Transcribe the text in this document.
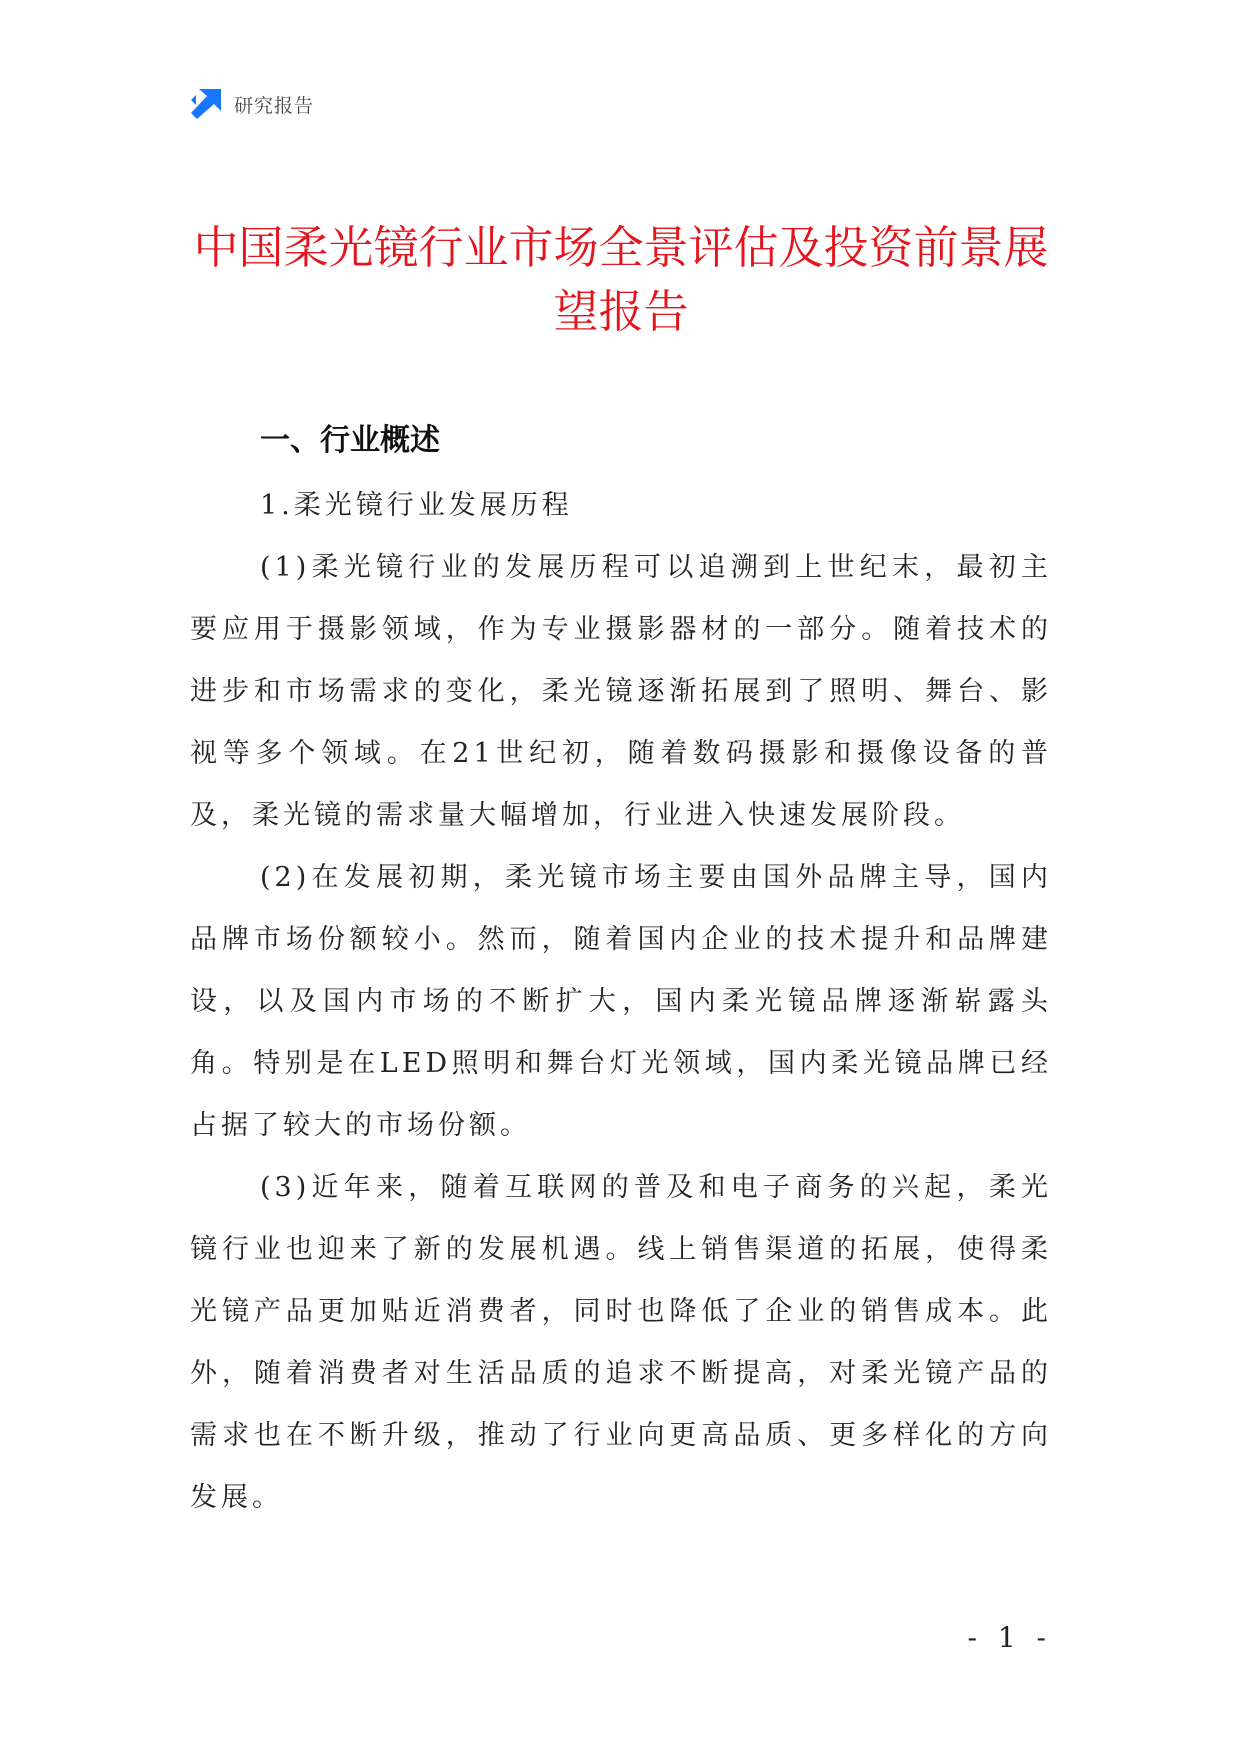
研究报告
中国柔光镜行业市场全景评估及投资前景展望报告
一、行业概述
1.柔光镜行业发展历程

(1)柔光镜行业的发展历程可以追溯到上世纪末，最初主要应用于摄影领域，作为专业摄影器材的一部分。随着技术的进步和市场需求的变化，柔光镜逐渐拓展到了照明、舞台、影视等多个领域。在21世纪初，随着数码摄影和摄像设备的普及，柔光镜的需求量大幅增加，行业进入快速发展阶段。

(2)在发展初期，柔光镜市场主要由国外品牌主导，国内品牌市场份额较小。然而，随着国内企业的技术提升和品牌建设，以及国内市场的不断扩大，国内柔光镜品牌逐渐崭露头角。特别是在LED照明和舞台灯光领域，国内柔光镜品牌已经占据了较大的市场份额。

(3)近年来，随着互联网的普及和电子商务的兴起，柔光镜行业也迎来了新的发展机遇。线上销售渠道的拓展，使得柔光镜产品更加贴近消费者，同时也降低了企业的销售成本。此外，随着消费者对生活品质的追求不断提高，对柔光镜产品的需求也在不断升级，推动了行业向更高品质、更多样化的方向发展。

- 1 -
